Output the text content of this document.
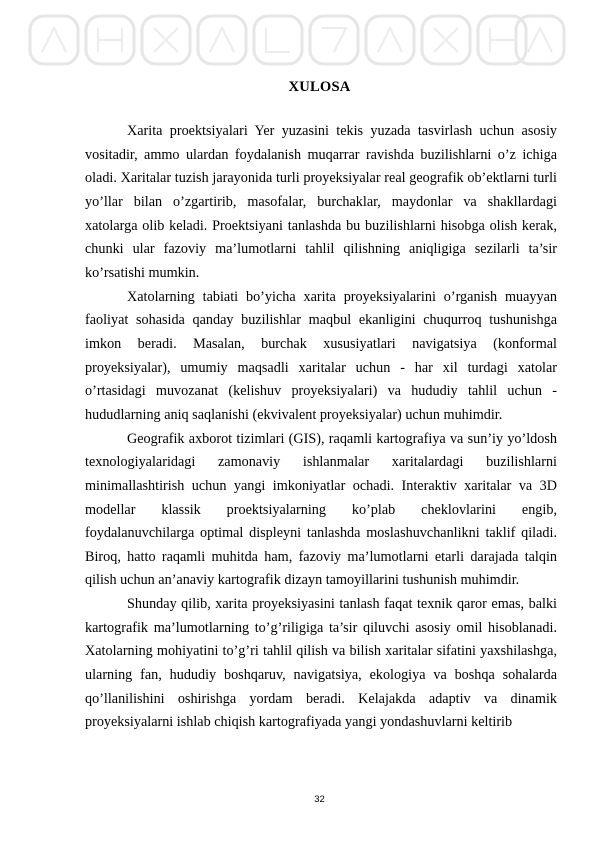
XULOSA

Xarita proektsiyalari Yer yuzasini tekis yuzada tasvirlash uchun asosiy vositadir, ammo ulardan foydalanish muqarrar ravishda buzilishlarni o’z ichiga oladi. Xaritalar tuzish jarayonida turli proyeksiyalar real geografik ob’ektlarni turli yo’llar bilan o’zgartirib, masofalar, burchaklar, maydonlar va shakllardagi xatolarga olib keladi. Proektsiyani tanlashda bu buzilishlarni hisobga olish kerak, chunki ular fazoviy ma’lumotlarni tahlil qilishning aniqligiga sezilarli ta’sir ko’rsatishi mumkin.

Xatolarning tabiati bo’yicha xarita proyeksiyalarini o’rganish muayyan faoliyat sohasida qanday buzilishlar maqbul ekanligini chuqurroq tushunishga imkon beradi. Masalan, burchak xususiyatlari navigatsiya (konformal proyeksiyalar), umumiy maqsadli xaritalar uchun - har xil turdagi xatolar o’rtasidagi muvozanat (kelishuv proyeksiyalari) va hududiy tahlil uchun - hududlarning aniq saqlanishi (ekvivalent proyeksiyalar) uchun muhimdir.

Geografik axborot tizimlari (GIS), raqamli kartografiya va sun’iy yo’ldosh texnologiyalaridagi zamonaviy ishlanmalar xaritalardagi buzilishlarni minimallashtirish uchun yangi imkoniyatlar ochadi. Interaktiv xaritalar va 3D modellar klassik proektsiyalarning ko’plab cheklovlarini engib, foydalanuvchilarga optimal displeyni tanlashda moslashuvchanlikni taklif qiladi. Biroq, hatto raqamli muhitda ham, fazoviy ma’lumotlarni etarli darajada talqin qilish uchun an’anaviy kartografik dizayn tamoyillarini tushunish muhimdir.

Shunday qilib, xarita proyeksiyasini tanlash faqat texnik qaror emas, balki kartografik ma’lumotlarning to’g’riligiga ta’sir qiluvchi asosiy omil hisoblanadi. Xatolarning mohiyatini to’g’ri tahlil qilish va bilish xaritalar sifatini yaxshilashga, ularning fan, hududiy boshqaruv, navigatsiya, ekologiya va boshqa sohalarda qo’llanilishini oshirishga yordam beradi. Kelajakda adaptiv va dinamik proyeksiyalarni ishlab chiqish kartografiyada yangi yondashuvlarni keltirib

32
